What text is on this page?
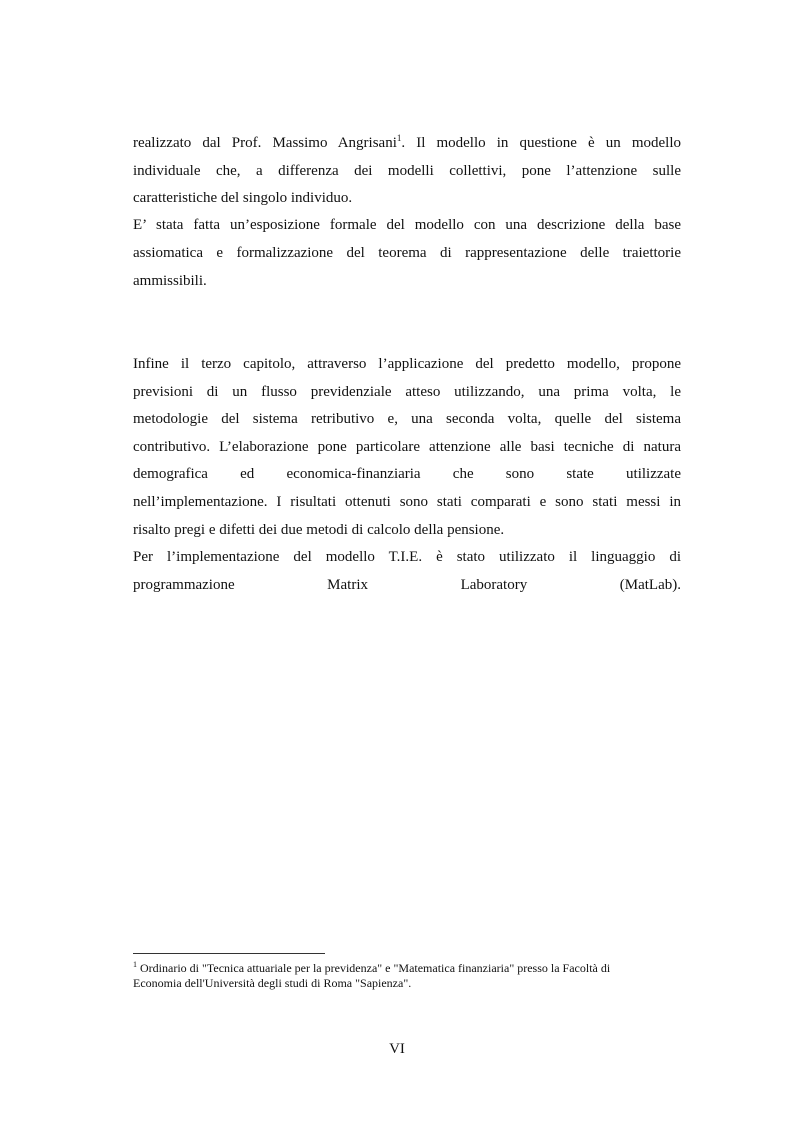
realizzato dal Prof. Massimo Angrisani$^1$. Il modello in questione è un modello
individuale che, a differenza dei modelli collettivi, pone l’attenzione sulle
caratteristiche del singolo individuo.
E’ stata fatta un’esposizione formale del modello con una descrizione della base
assiomatica e formalizzazione del teorema di rappresentazione delle traiettorie
ammissibili.
Infine il terzo capitolo, attraverso l’applicazione del predetto modello, propone
previsioni di un flusso previdenziale atteso utilizzando, una prima volta, le
metodologie del sistema retributivo e, una seconda volta, quelle del sistema
contributivo. L’elaborazione pone particolare attenzione alle basi tecniche di natura
demografica ed economica-finanziaria che sono state utilizzate
nell’implementazione. I risultati ottenuti sono stati comparati e sono stati messi in
risalto pregi e difetti dei due metodi di calcolo della pensione.
Per l’implementazione del modello T.I.E. è stato utilizzato il linguaggio di
programmazione Matrix Laboratory (MatLab).
$^1$ Ordinario di "Tecnica attuariale per la previdenza" e "Matematica finanziaria" presso la Facoltà di
Economia dell'Università degli studi di Roma "Sapienza".
VI
